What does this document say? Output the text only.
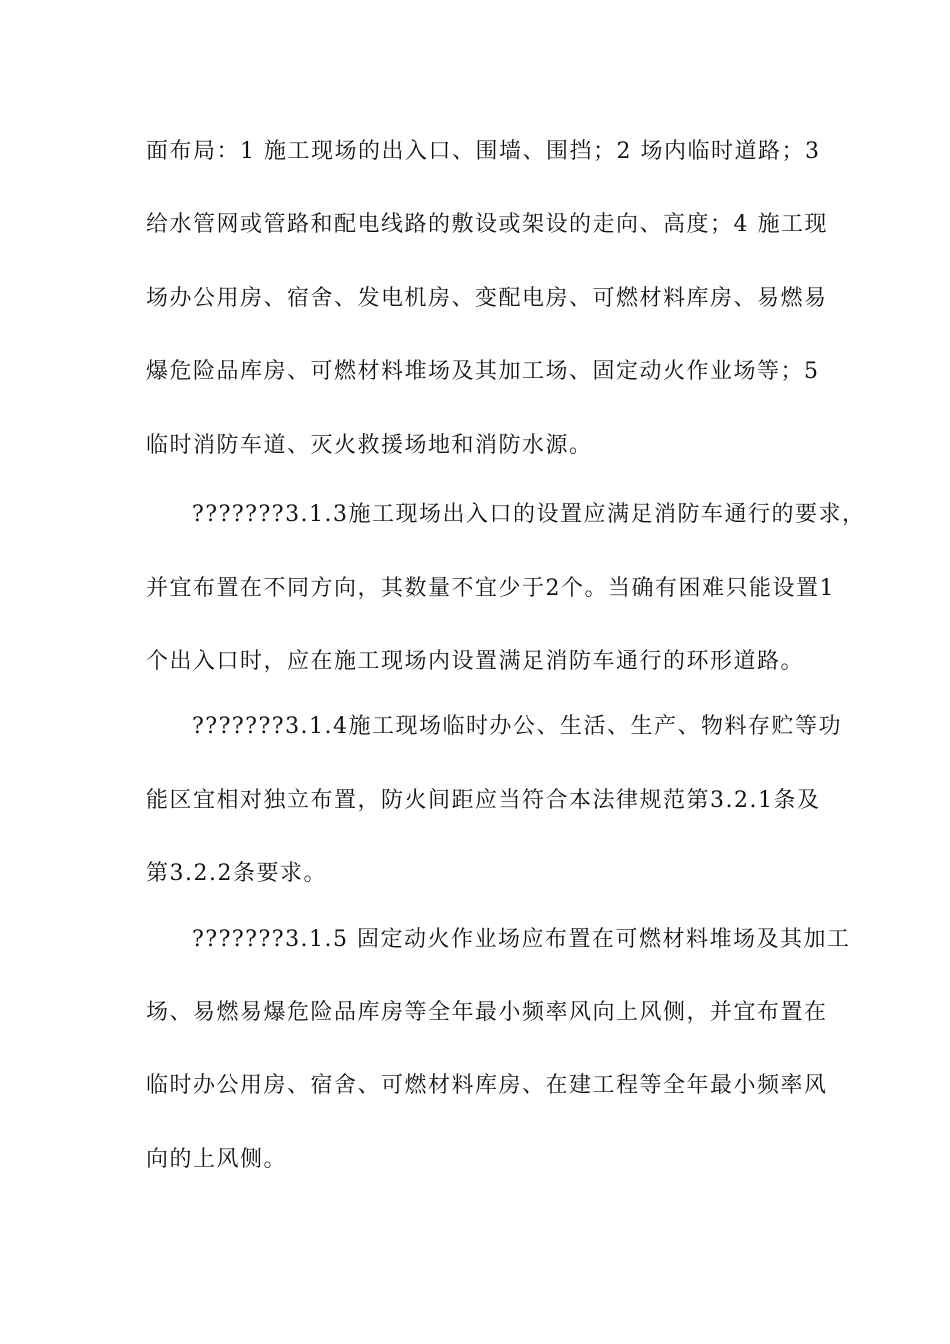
面布局：1 施工现场的出入口、围墙、围挡；2 场内临时道路；3
给水管网或管路和配电线路的敷设或架设的走向、高度；4 施工现
场办公用房、宿舍、发电机房、变配电房、可燃材料库房、易燃易
爆危险品库房、可燃材料堆场及其加工场、固定动火作业场等；5
临时消防车道、灭火救援场地和消防水源。
???????3.1.3施工现场出入口的设置应满足消防车通行的要求，
并宜布置在不同方向，其数量不宜少于2个。当确有困难只能设置1
个出入口时，应在施工现场内设置满足消防车通行的环形道路。
???????3.1.4施工现场临时办公、生活、生产、物料存贮等功
能区宜相对独立布置，防火间距应当符合本法律规范第3.2.1条及
第3.2.2条要求。
???????3.1.5 固定动火作业场应布置在可燃材料堆场及其加工
场、易燃易爆危险品库房等全年最小频率风向上风侧，并宜布置在
临时办公用房、宿舍、可燃材料库房、在建工程等全年最小频率风
向的上风侧。
